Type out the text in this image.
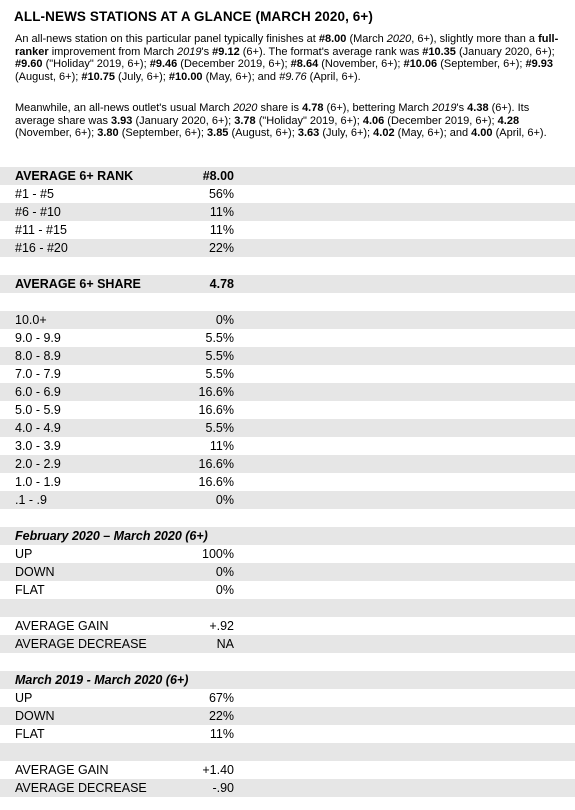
ALL-NEWS STATIONS AT A GLANCE (MARCH 2020, 6+)
An all-news station on this particular panel typically finishes at #8.00 (March 2020, 6+), slightly more than a full-ranker improvement from March 2019's #9.12 (6+). The format's average rank was #10.35 (January 2020, 6+); #9.60 ("Holiday" 2019, 6+); #9.46 (December 2019, 6+); #8.64 (November, 6+); #10.06 (September, 6+); #9.93 (August, 6+); #10.75 (July, 6+); #10.00 (May, 6+); and #9.76 (April, 6+).
Meanwhile, an all-news outlet's usual March 2020 share is 4.78 (6+), bettering March 2019's 4.38 (6+). Its average share was 3.93 (January 2020, 6+); 3.78 ("Holiday" 2019, 6+); 4.06 (December 2019, 6+); 4.28 (November, 6+); 3.80 (September, 6+); 3.85 (August, 6+); 3.63 (July, 6+); 4.02 (May, 6+); and 4.00 (April, 6+).
AVERAGE 6+ RANK	#8.00
#1 - #5	56%
#6 - #10	11%
#11 - #15	11%
#16 - #20	22%
AVERAGE 6+ SHARE	4.78
10.0+	0%
9.0 - 9.9	5.5%
8.0 - 8.9	5.5%
7.0 - 7.9	5.5%
6.0 - 6.9	16.6%
5.0 - 5.9	16.6%
4.0 - 4.9	5.5%
3.0 - 3.9	11%
2.0 - 2.9	16.6%
1.0 - 1.9	16.6%
.1 - .9	0%
February 2020 – March 2020 (6+)
UP	100%
DOWN	0%
FLAT	0%
AVERAGE GAIN	+.92
AVERAGE DECREASE	NA
March 2019 - March 2020 (6+)
UP	67%
DOWN	22%
FLAT	11%
AVERAGE GAIN	+1.40
AVERAGE DECREASE	-.90
